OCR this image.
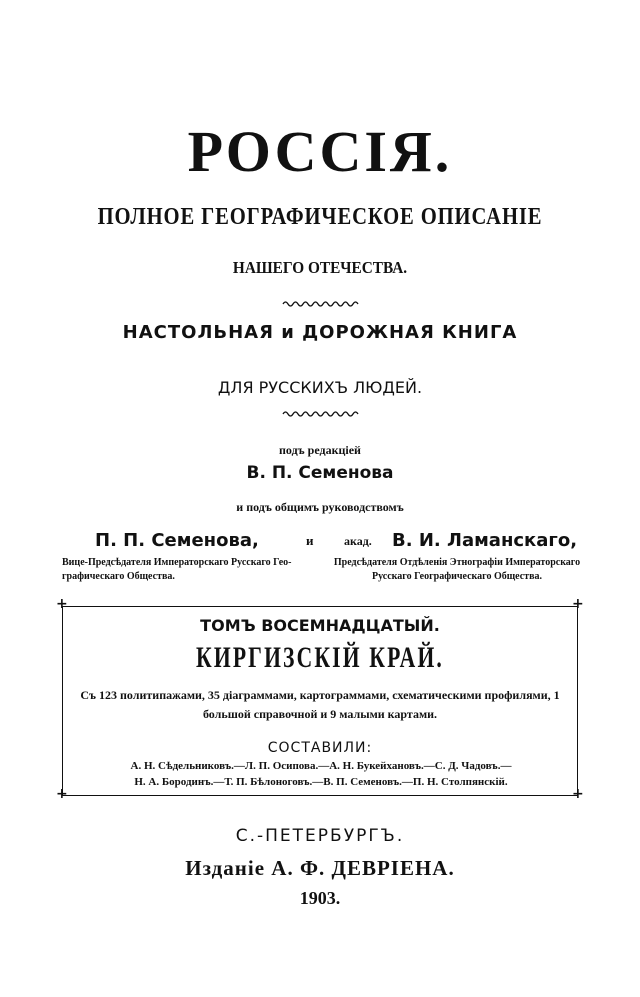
РОССІЯ.
ПОЛНОЕ ГЕОГРАФИЧЕСКОЕ ОПИСАНІЕ
НАШЕГО ОТЕЧЕСТВА.
НАСТОЛЬНАЯ и ДОРОЖНАЯ КНИГА
ДЛЯ РУССКИХЪ ЛЮДЕЙ.
подъ редакціей
В. П. Семенова
и подъ общимъ руководствомъ
П. П. Семенова,	и	акад. В. И. Ламанскаго,
Вице-Предсѣдателя Императорскаго Русскаго Гео- графическаго Общества.
Предсѣдателя Отдѣленія Этнографіи Императорскаго Русскаго Географическаго Общества.
+	+
+	+
ТОМЪ ВОСЕМНАДЦАТЫЙ.
КИРГИЗСКІЙ КРАЙ.
Съ 123 политипажами, 35 діаграммами, картограммами, схематическими профилями, 1 большой справочной и 9 малыми картами.
СОСТАВИЛИ:
А. Н. Сѣдельниковъ.—Л. П. Осипова.—А. Н. Букейхановъ.—С. Д. Чадовъ.—
Н. А. Бородинъ.—Т. П. Бѣлоноговъ.—В. П. Семеновъ.—П. Н. Столпянскій.
С.-ПЕТЕРБУРГЪ.
Изданіе А. Ф. ДЕВРІЕНА.
1903.
